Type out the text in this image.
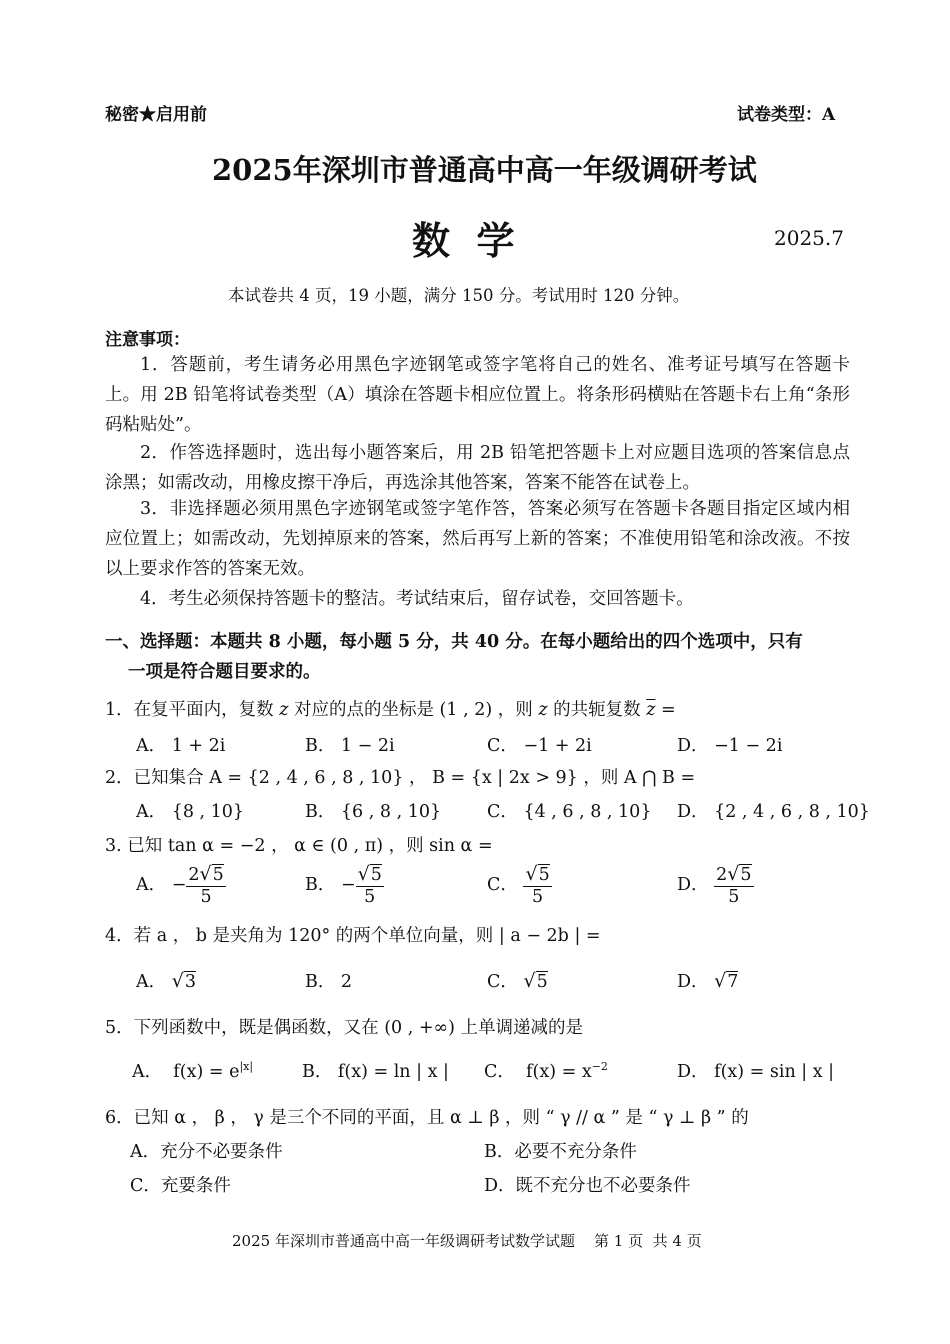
秘密★启用前	试卷类型：A
2025年深圳市普通高中高一年级调研考试
数  学	2025.7
本试卷共 4 页，19 小题，满分 150 分。考试用时 120 分钟。
注意事项：
1．答题前，考生请务必用黑色字迹钢笔或签字笔将自己的姓名、准考证号填写在答题卡上。用 2B 铅笔将试卷类型（A）填涂在答题卡相应位置上。将条形码横贴在答题卡右上角“条形码粘贴处”。
2．作答选择题时，选出每小题答案后，用 2B 铅笔把答题卡上对应题目选项的答案信息点涂黑；如需改动，用橡皮擦干净后，再选涂其他答案，答案不能答在试卷上。
3．非选择题必须用黑色字迹钢笔或签字笔作答，答案必须写在答题卡各题目指定区域内相应位置上；如需改动，先划掉原来的答案，然后再写上新的答案；不准使用铅笔和涂改液。不按以上要求作答的答案无效。
4．考生必须保持答题卡的整洁。考试结束后，留存试卷，交回答题卡。
一、选择题：本题共 8 小题，每小题 5 分，共 40 分。在每小题给出的四个选项中，只有
一项是符合题目要求的。
1．在复平面内，复数 z 对应的点的坐标是 (1 , 2) ，则 z 的共轭复数 $\overline{z}$ =
A． 1 + 2i	B． 1 − 2i	C． −1 + 2i	D． −1 − 2i
2．已知集合 A = {2 , 4 , 6 , 8 , 10} ， B = {x | 2x > 9} ，则 A ⋂ B =
A． {8 , 10}	B． {6 , 8 , 10}	C． {4 , 6 , 8 , 10} D． {2 , 4 , 6 , 8 , 10}
3. 已知 tan α = −2 ， α ∈ (0 , π) ，则 sin α =
A． − $\frac{2√5}{5}$	B． − $\frac{√5}{5}$	C． $\frac{√5}{5}$	D． $\frac{2√5}{5}$
4．若 a ， b 是夹角为 120° 的两个单位向量，则 | a − 2b | =
A． √3	B． 2	C． √5	D． √7
5．下列函数中，既是偶函数，又在 (0 , +∞) 上单调递减的是
A． $f(x) = e^{|x|}$	B． f(x) = ln | x | C． $f(x) = x^{-2}$	D． f(x) = sin | x |
6．已知 α ， β ， γ 是三个不同的平面，且 α ⊥ β ，则 “ γ // α ” 是 “ γ ⊥ β ” 的
A．充分不必要条件	B．必要不充分条件
C．充要条件	D．既不充分也不必要条件
2025 年深圳市普通高中高一年级调研考试数学试题    第 1 页  共 4 页
